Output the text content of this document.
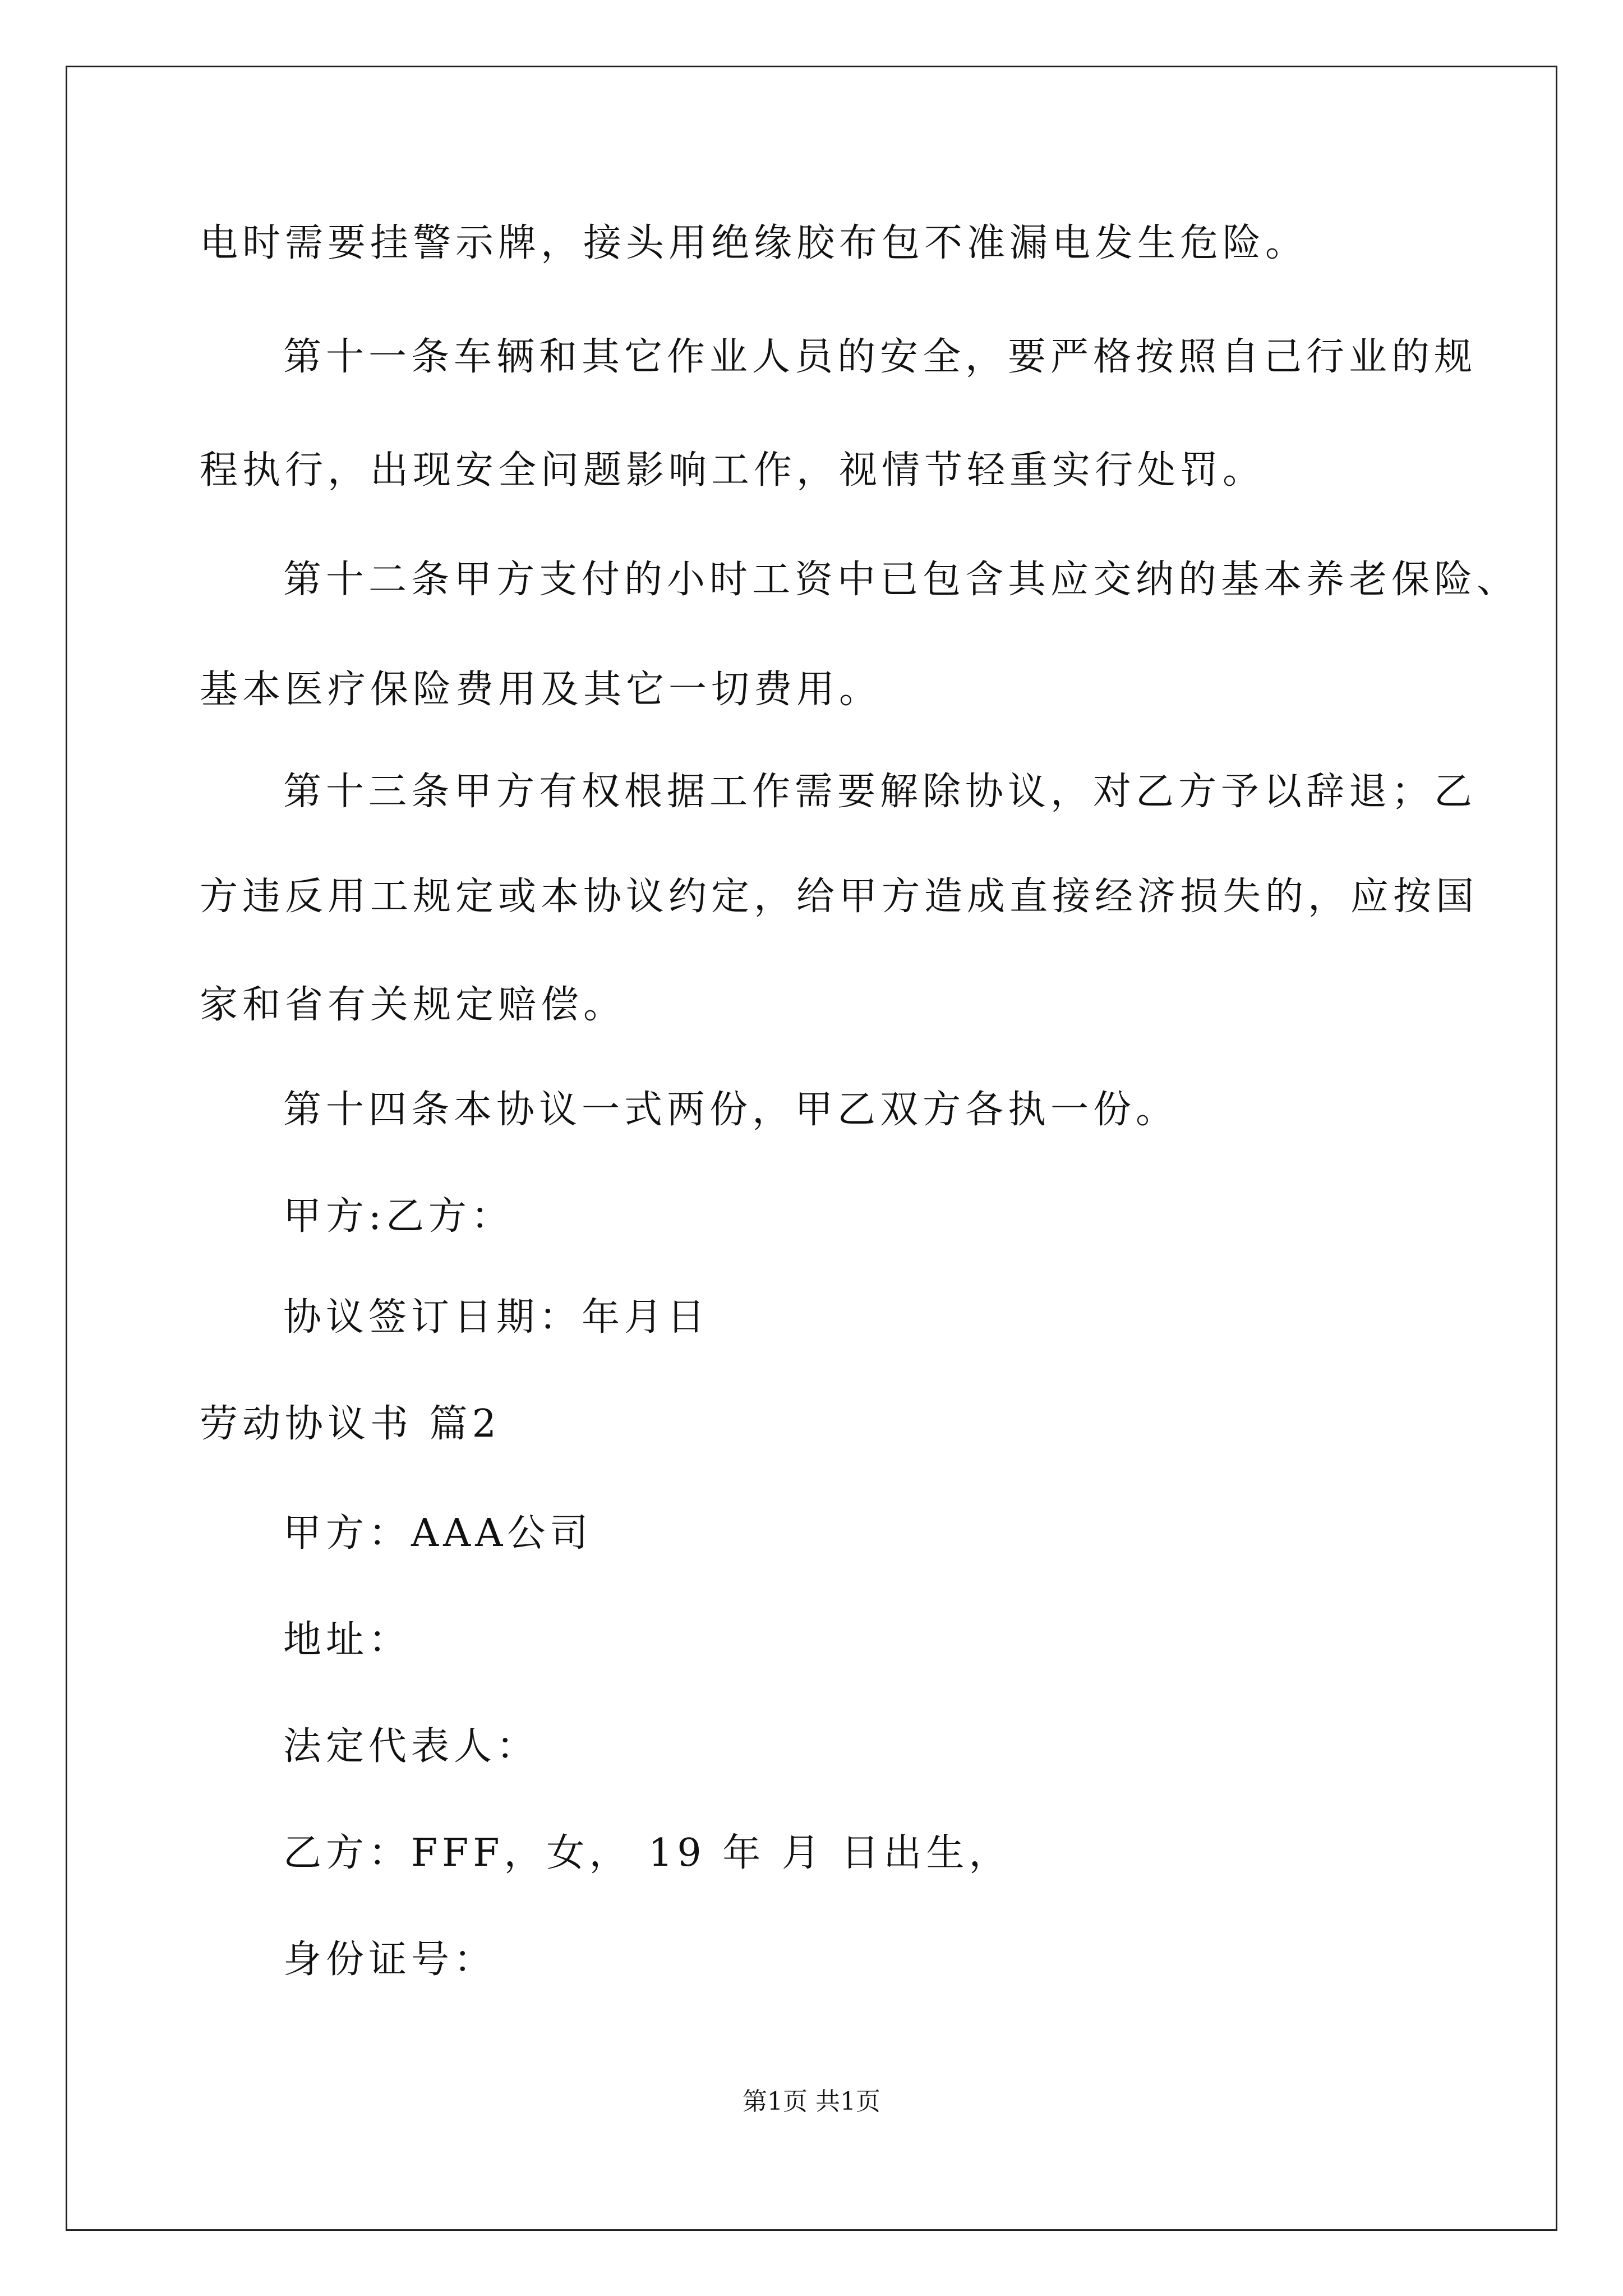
电时需要挂警示牌，接头用绝缘胶布包不准漏电发生危险。
第十一条车辆和其它作业人员的安全，要严格按照自己行业的规
程执行，出现安全问题影响工作，视情节轻重实行处罚。
第十二条甲方支付的小时工资中已包含其应交纳的基本养老保险、
基本医疗保险费用及其它一切费用。
第十三条甲方有权根据工作需要解除协议，对乙方予以辞退；乙
方违反用工规定或本协议约定，给甲方造成直接经济损失的，应按国
家和省有关规定赔偿。
第十四条本协议一式两份，甲乙双方各执一份。
甲方:乙方：
协议签订日期：年月日
劳动协议书 篇2
甲方：AAA公司
地址：
法定代表人：
乙方：FFF，女， 19 年 月 日出生，
身份证号：
第1页 共1页
